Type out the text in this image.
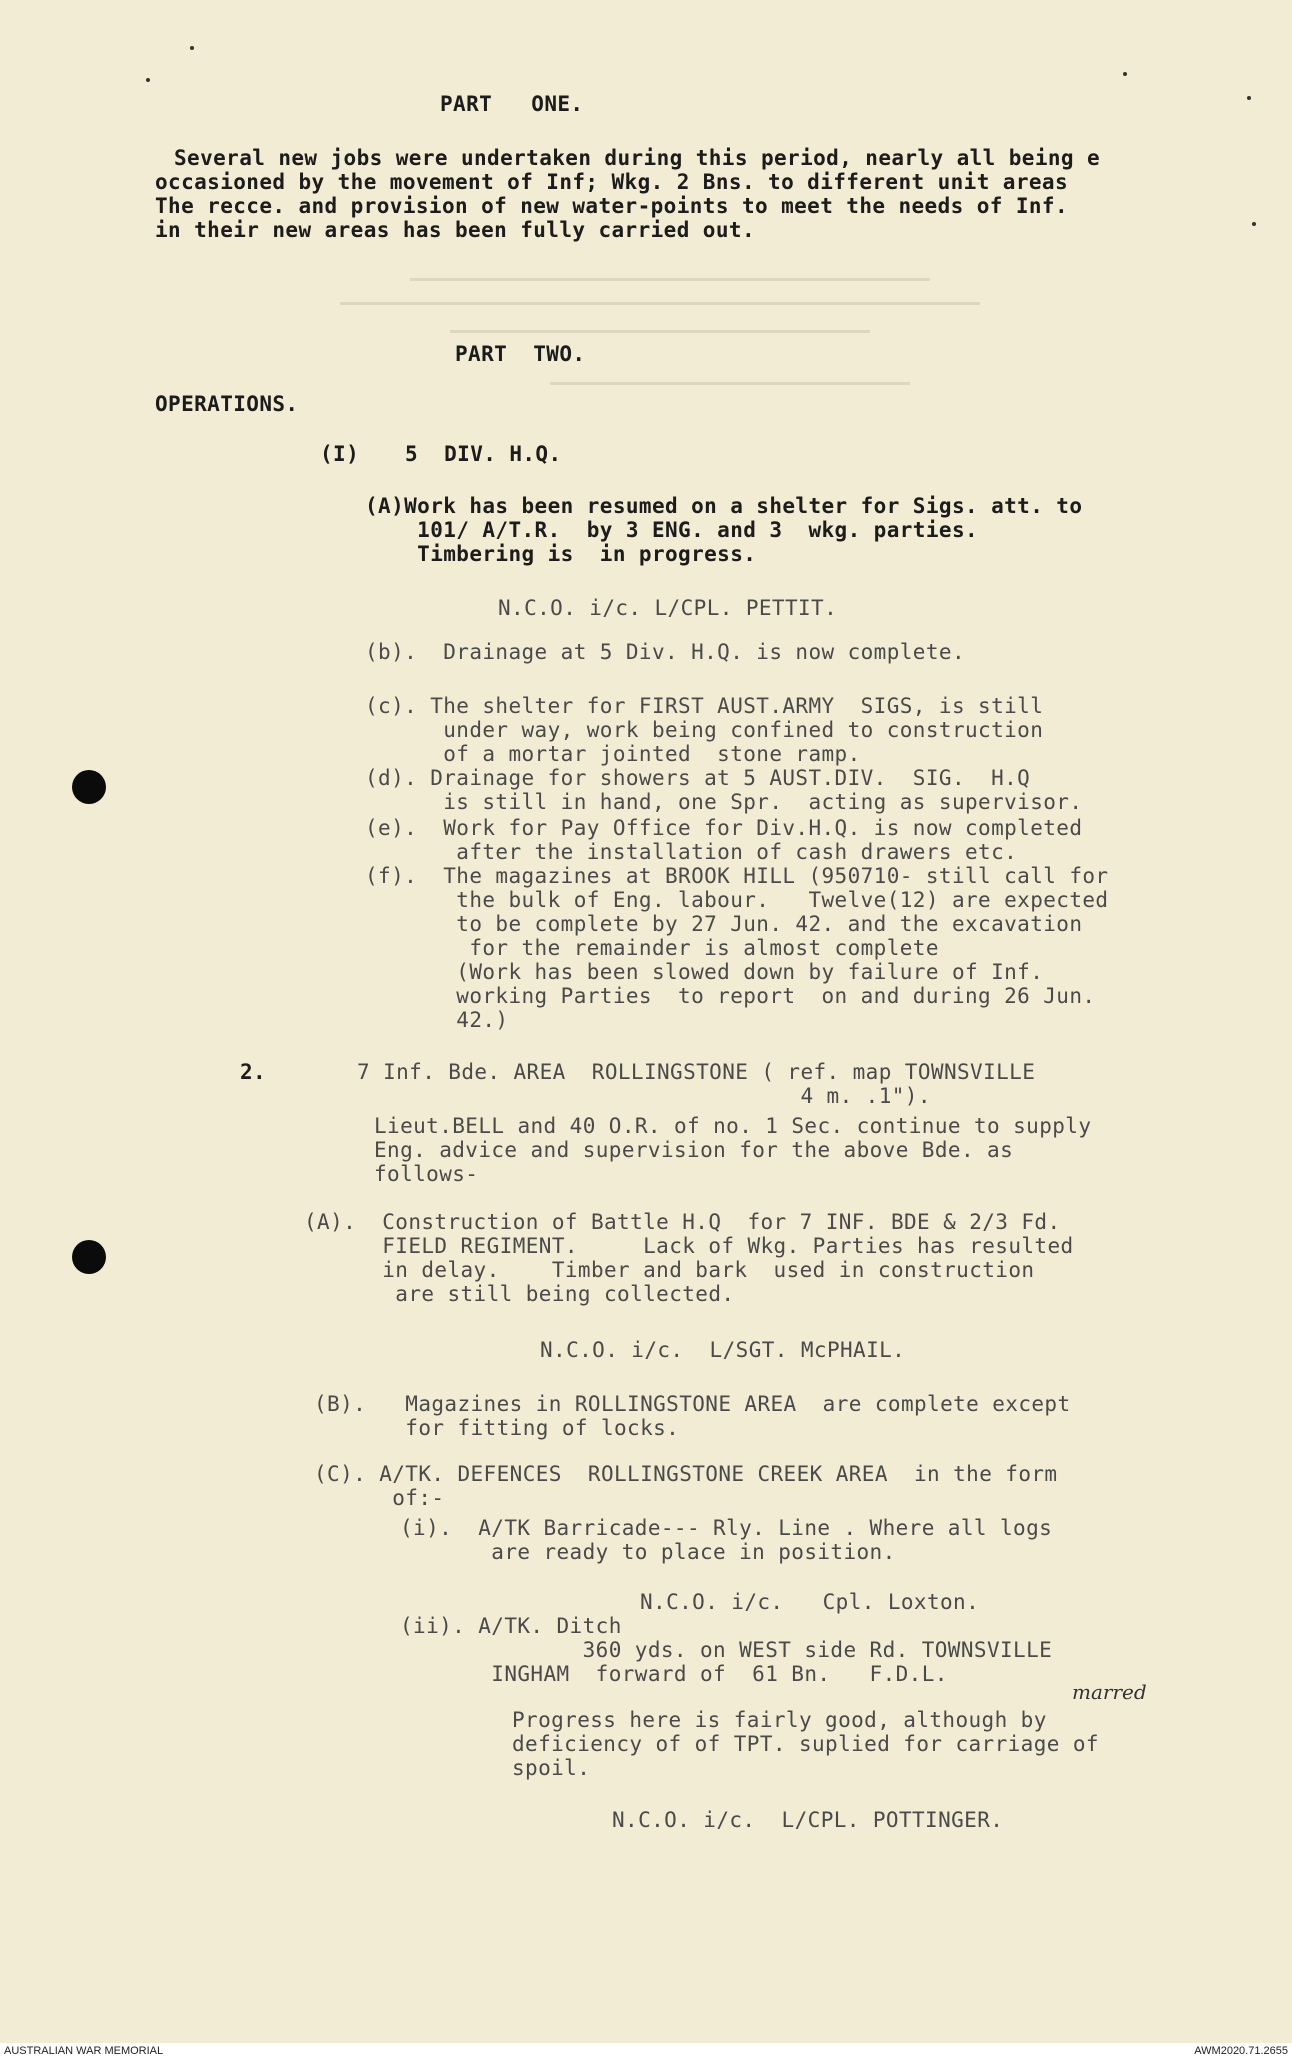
PART   ONE.

Several new jobs were undertaken during this period, nearly all being e

occasioned by the movement of Inf; Wkg. 2 Bns. to different unit areas

The recce. and provision of new water-points to meet the needs of Inf.

in their new areas has been fully carried out.

PART  TWO.

OPERATIONS.

(I) 5  DIV. H.Q.

(A)Work has been resumed on a shelter for Sigs. att. to

101/ A/T.R.  by 3 ENG. and 3  wkg. parties.

Timbering is  in progress.

N.C.O. i/c. L/CPL. PETTIT.

(b).  Drainage at 5 Div. H.Q. is now complete.

(c). The shelter for FIRST AUST.ARMY  SIGS, is still

under way, work being confined to construction

of a mortar jointed  stone ramp.

(d). Drainage for showers at 5 AUST.DIV.  SIG.  H.Q

is still in hand, one Spr.  acting as supervisor.

(e).  Work for Pay Office for Div.H.Q. is now completed

after the installation of cash drawers etc.

(f).  The magazines at BROOK HILL (950710- still call for

the bulk of Eng. labour.   Twelve(12) are expected

to be complete by 27 Jun. 42. and the excavation

for the remainder is almost complete

(Work has been slowed down by failure of Inf.

working Parties  to report  on and during 26 Jun.

42.)

2.	7 Inf. Bde. AREA  ROLLINGSTONE ( ref. map TOWNSVILLE

4 m. .1").

Lieut.BELL and 40 O.R. of no. 1 Sec. continue to supply

Eng. advice and supervision for the above Bde. as

follows-

(A).  Construction of Battle H.Q  for 7 INF. BDE & 2/3 Fd.

FIELD REGIMENT.     Lack of Wkg. Parties has resulted

in delay.    Timber and bark  used in construction

are still being collected.

N.C.O. i/c.  L/SGT. McPHAIL.

(B).   Magazines in ROLLINGSTONE AREA  are complete except

for fitting of locks.

(C). A/TK. DEFENCES  ROLLINGSTONE CREEK AREA  in the form

of:-

(i).  A/TK Barricade--- Rly. Line . Where all logs

are ready to place in position.

N.C.O. i/c.   Cpl. Loxton.

(ii). A/TK. Ditch

360 yds. on WEST side Rd. TOWNSVILLE

INGHAM  forward of  61 Bn.   F.D.L.

marred

Progress here is fairly good, although by

deficiency of of TPT. suplied for carriage of

spoil.

N.C.O. i/c.  L/CPL. POTTINGER.

AUSTRALIAN WAR MEMORIAL	AWM2020.71.2655
